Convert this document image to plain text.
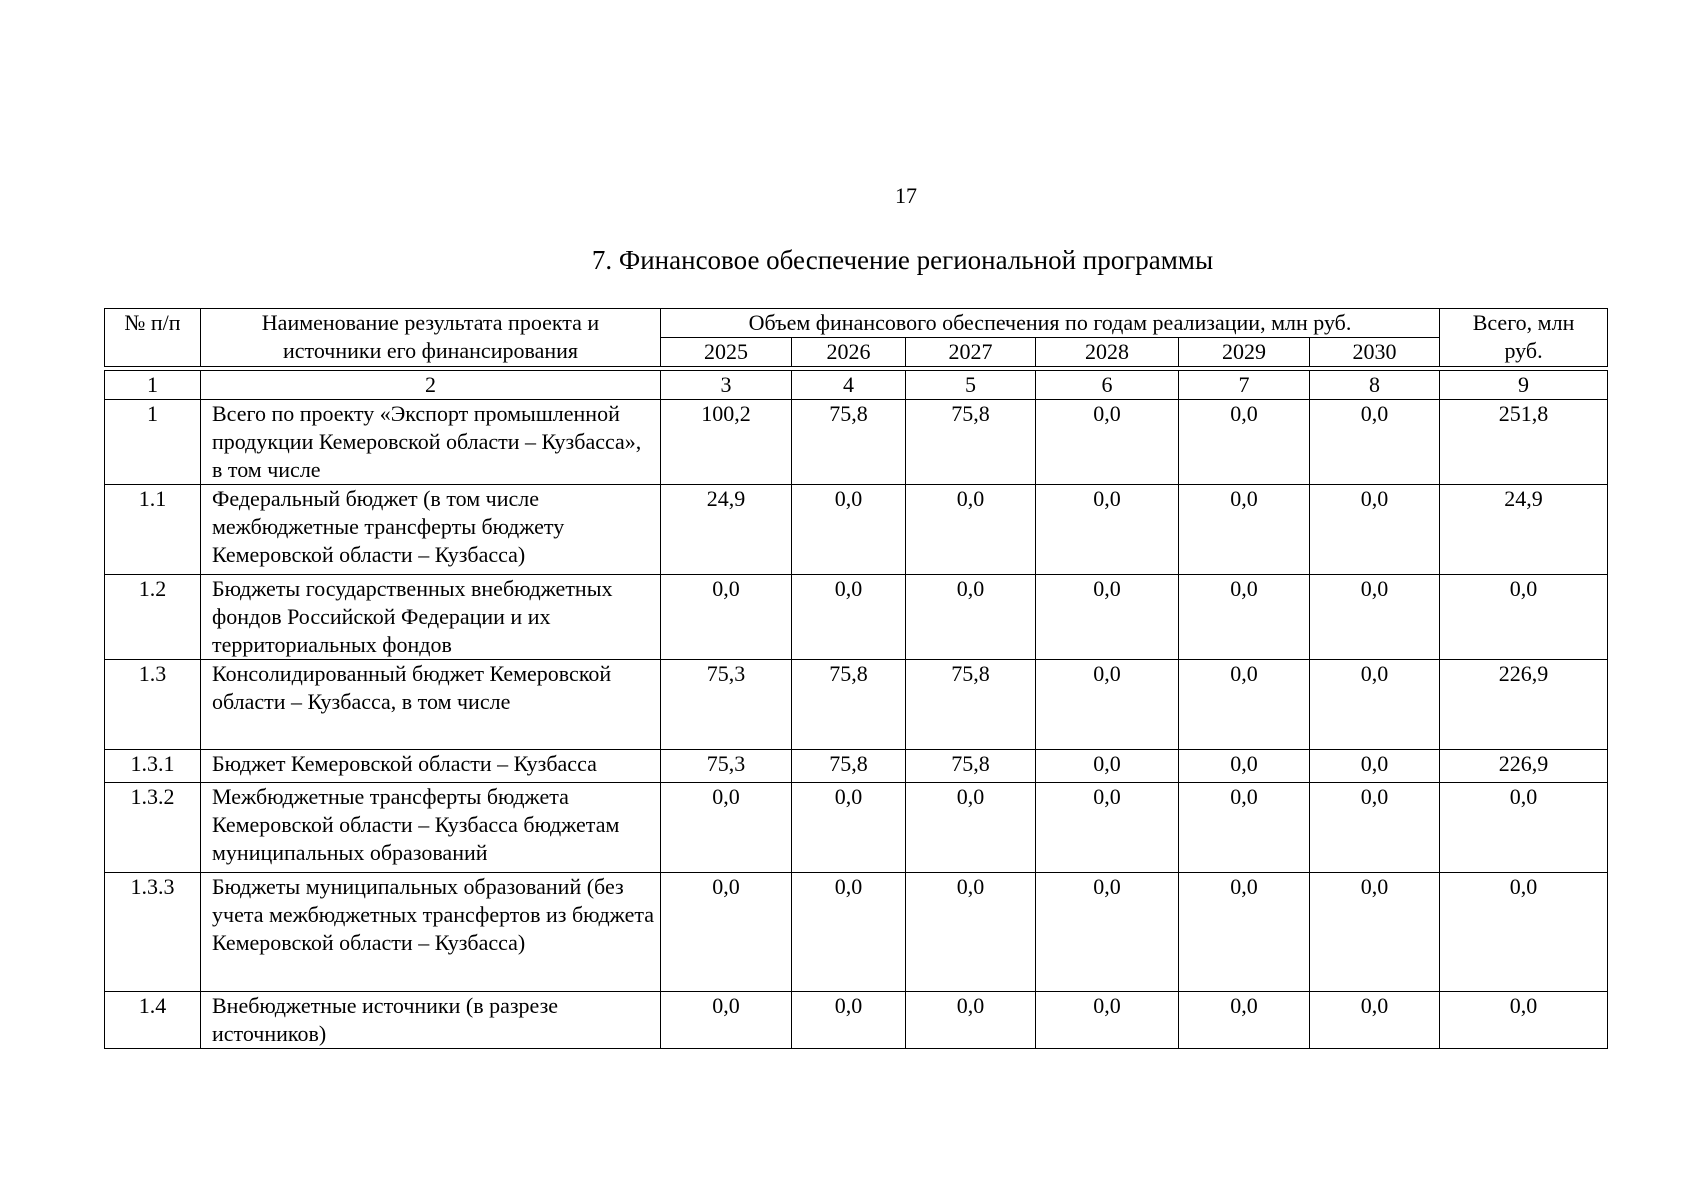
17
7. Финансовое обеспечение региональной программы
№ п/п	Наименование результата проекта и источники его финансирования	Объем финансового обеспечения по годам реализации, млн руб.						Всего, млн руб.
		2025	2026	2027	2028	2029	2030	

1	2	3	4	5	6	7	8	9
1	Всего по проекту «Экспорт промышленной продукции Кемеровской области – Кузбасса», в том числе	100,2	75,8	75,8	0,0	0,0	0,0	251,8
1.1	Федеральный бюджет (в том числе межбюджетные трансферты бюджету Кемеровской области – Кузбасса)	24,9	0,0	0,0	0,0	0,0	0,0	24,9
1.2	Бюджеты государственных внебюджетных фондов Российской Федерации и их территориальных фондов	0,0	0,0	0,0	0,0	0,0	0,0	0,0
1.3	Консолидированный бюджет Кемеровской области – Кузбасса, в том числе	75,3	75,8	75,8	0,0	0,0	0,0	226,9
1.3.1	Бюджет Кемеровской области – Кузбасса	75,3	75,8	75,8	0,0	0,0	0,0	226,9
1.3.2	Межбюджетные трансферты бюджета Кемеровской области – Кузбасса бюджетам муниципальных образований	0,0	0,0	0,0	0,0	0,0	0,0	0,0
1.3.3	Бюджеты муниципальных образований (без учета межбюджетных трансфертов из бюджета Кемеровской области – Кузбасса)	0,0	0,0	0,0	0,0	0,0	0,0	0,0
1.4	Внебюджетные источники (в разрезе источников)	0,0	0,0	0,0	0,0	0,0	0,0	0,0
